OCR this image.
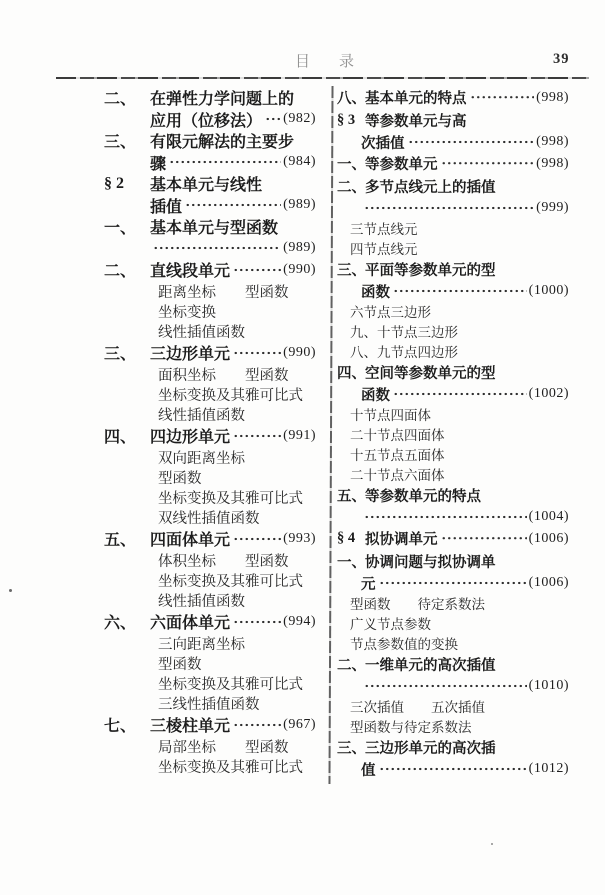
目　录	39
二、 在弹性力学问题上的
应用（位移法） (982)
三、 有限元解法的主要步
骤	(984)
§ 2	基本单元与线性
插值	(989)
一、 基本单元与型函数
(989)
二、 直线段单元	(990)
距离坐标　　型函数
坐标变换
线性插值函数
三、 三边形单元	(990)
面积坐标　　型函数
坐标变换及其雅可比式
线性插值函数
四、 四边形单元	(991)
双向距离坐标
型函数
坐标变换及其雅可比式
双线性插值函数
五、 四面体单元	(993)
体积坐标　　型函数
坐标变换及其雅可比式
线性插值函数
六、 六面体单元	(994)
三向距离坐标
型函数
坐标变换及其雅可比式
三线性插值函数
七、 三棱柱单元	(967)
局部坐标　　型函数
坐标变换及其雅可比式
八、 基本单元的特点	(998)
§ 3 等参数单元与高
次插值	(998)
一、 等参数单元	(998)
二、 多节点线元上的插值
(999)
三节点线元
四节点线元
三、 平面等参数单元的型
函数	(1000)
六节点三边形
九、十节点三边形
八、九节点四边形
四、 空间等参数单元的型
函数	(1002)
十节点四面体
二十节点四面体
十五节点五面体
二十节点六面体
五、 等参数单元的特点
(1004)
§ 4 拟协调单元	(1006)
一、 协调问题与拟协调单
元	(1006)
型函数　　待定系数法
广义节点参数
节点参数值的变换
二、 一维单元的高次插值
(1010)
三次插值　　五次插值
型函数与待定系数法
三、 三边形单元的高次插
值	(1012)
